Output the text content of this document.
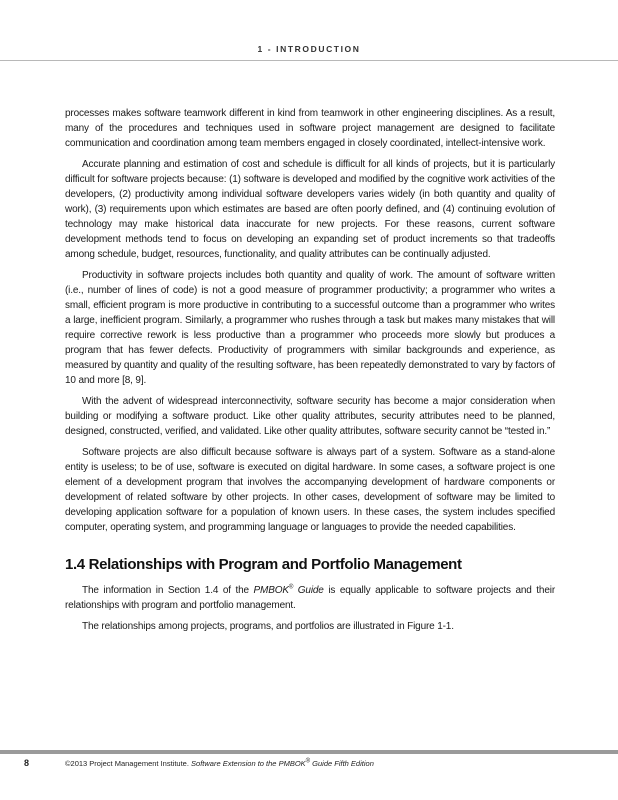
1 - INTRODUCTION

processes makes software teamwork different in kind from teamwork in other engineering disciplines. As a result, many of the procedures and techniques used in software project management are designed to facilitate communication and coordination among team members engaged in closely coordinated, intellect-intensive work.

Accurate planning and estimation of cost and schedule is difficult for all kinds of projects, but it is particularly difficult for software projects because: (1) software is developed and modified by the cognitive work activities of the developers, (2) productivity among individual software developers varies widely (in both quantity and quality of work), (3) requirements upon which estimates are based are often poorly defined, and (4) continuing evolution of technology may make historical data inaccurate for new projects. For these reasons, current software development methods tend to focus on developing an expanding set of product increments so that tradeoffs among schedule, budget, resources, functionality, and quality attributes can be continually adjusted.

Productivity in software projects includes both quantity and quality of work. The amount of software written (i.e., number of lines of code) is not a good measure of programmer productivity; a programmer who writes a small, efficient program is more productive in contributing to a successful outcome than a programmer who writes a large, inefficient program. Similarly, a programmer who rushes through a task but makes many mistakes that will require corrective rework is less productive than a programmer who proceeds more slowly but produces a program that has fewer defects. Productivity of programmers with similar backgrounds and experience, as measured by quantity and quality of the resulting software, has been repeatedly demonstrated to vary by factors of 10 and more [8, 9].

With the advent of widespread interconnectivity, software security has become a major consideration when building or modifying a software product. Like other quality attributes, security attributes need to be planned, designed, constructed, verified, and validated. Like other quality attributes, software security cannot be “tested in.”

Software projects are also difficult because software is always part of a system. Software as a stand-alone entity is useless; to be of use, software is executed on digital hardware. In some cases, a software project is one element of a development program that involves the accompanying development of hardware components or development of related software by other projects. In other cases, development of software may be limited to developing application software for a population of known users. In these cases, the system includes specified computer, operating system, and programming language or languages to provide the needed capabilities.

1.4 Relationships with Program and Portfolio Management

The information in Section 1.4 of the PMBOK® Guide is equally applicable to software projects and their relationships with program and portfolio management.

The relationships among projects, programs, and portfolios are illustrated in Figure 1-1.

8	©2013 Project Management Institute. Software Extension to the PMBOK® Guide Fifth Edition
